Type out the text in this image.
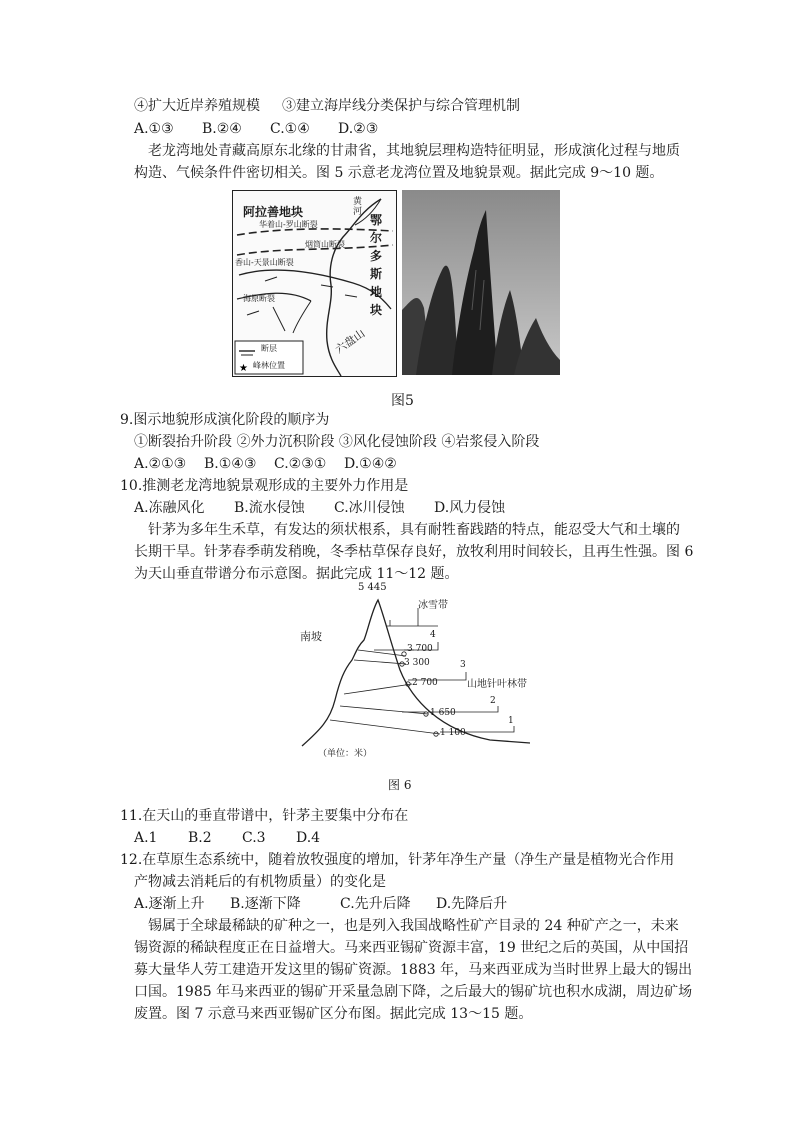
④扩大近岸养殖规模 ③建立海岸线分类保护与综合管理机制
A.①③ B.②④ C.①④ D.②③
老龙湾地处青藏高原东北缘的甘肃省，其地貌层理构造特征明显，形成演化过程与地质
构造、气候条件件密切相关。图 5 示意老龙湾位置及地貌景观。据此完成 9～10 题。
★
阿拉善地块
华着山-罗山断裂
烟筒山断裂
香山-天景山断裂
海原断裂
黄河
鄂尔多斯地块
六盘山
断层
峰林位置
图5
9.图示地貌形成演化阶段的顺序为
①断裂抬升阶段 ②外力沉积阶段 ③风化侵蚀阶段 ④岩浆侵入阶段
A.②①③ B.①④③ C.②③① D.①④②
10.推测老龙湾地貌景观形成的主要外力作用是
A.冻融风化 B.流水侵蚀 C.冰川侵蚀 D.风力侵蚀
针茅为多年生禾草，有发达的须状根系，具有耐牲畜践踏的特点，能忍受大气和土壤的
长期干旱。针茅春季萌发稍晚，冬季枯草保存良好，放牧利用时间较长，且再生性强。图 6
为天山垂直带谱分布示意图。据此完成 11～12 题。
5 445
南坡
冰雪带
4
3 700
3 300	3
2 700	山地针叶林带
2
1 650
1
1 100
（单位：米）
图 6
11.在天山的垂直带谱中，针茅主要集中分布在
A.1 B.2 C.3 D.4
12.在草原生态系统中，随着放牧强度的增加，针茅年净生产量（净生产量是植物光合作用
产物减去消耗后的有机物质量）的变化是
A.逐渐上升 B.逐渐下降	C.先升后降 D.先降后升
锡属于全球最稀缺的矿种之一，也是列入我国战略性矿产目录的 24 种矿产之一，未来
锡资源的稀缺程度正在日益增大。马来西亚锡矿资源丰富，19 世纪之后的英国，从中国招
募大量华人劳工建造开发这里的锡矿资源。1883 年，马来西亚成为当时世界上最大的锡出
口国。1985 年马来西亚的锡矿开采量急剧下降，之后最大的锡矿坑也积水成湖，周边矿场
废置。图 7 示意马来西亚锡矿区分布图。据此完成 13～15 题。
